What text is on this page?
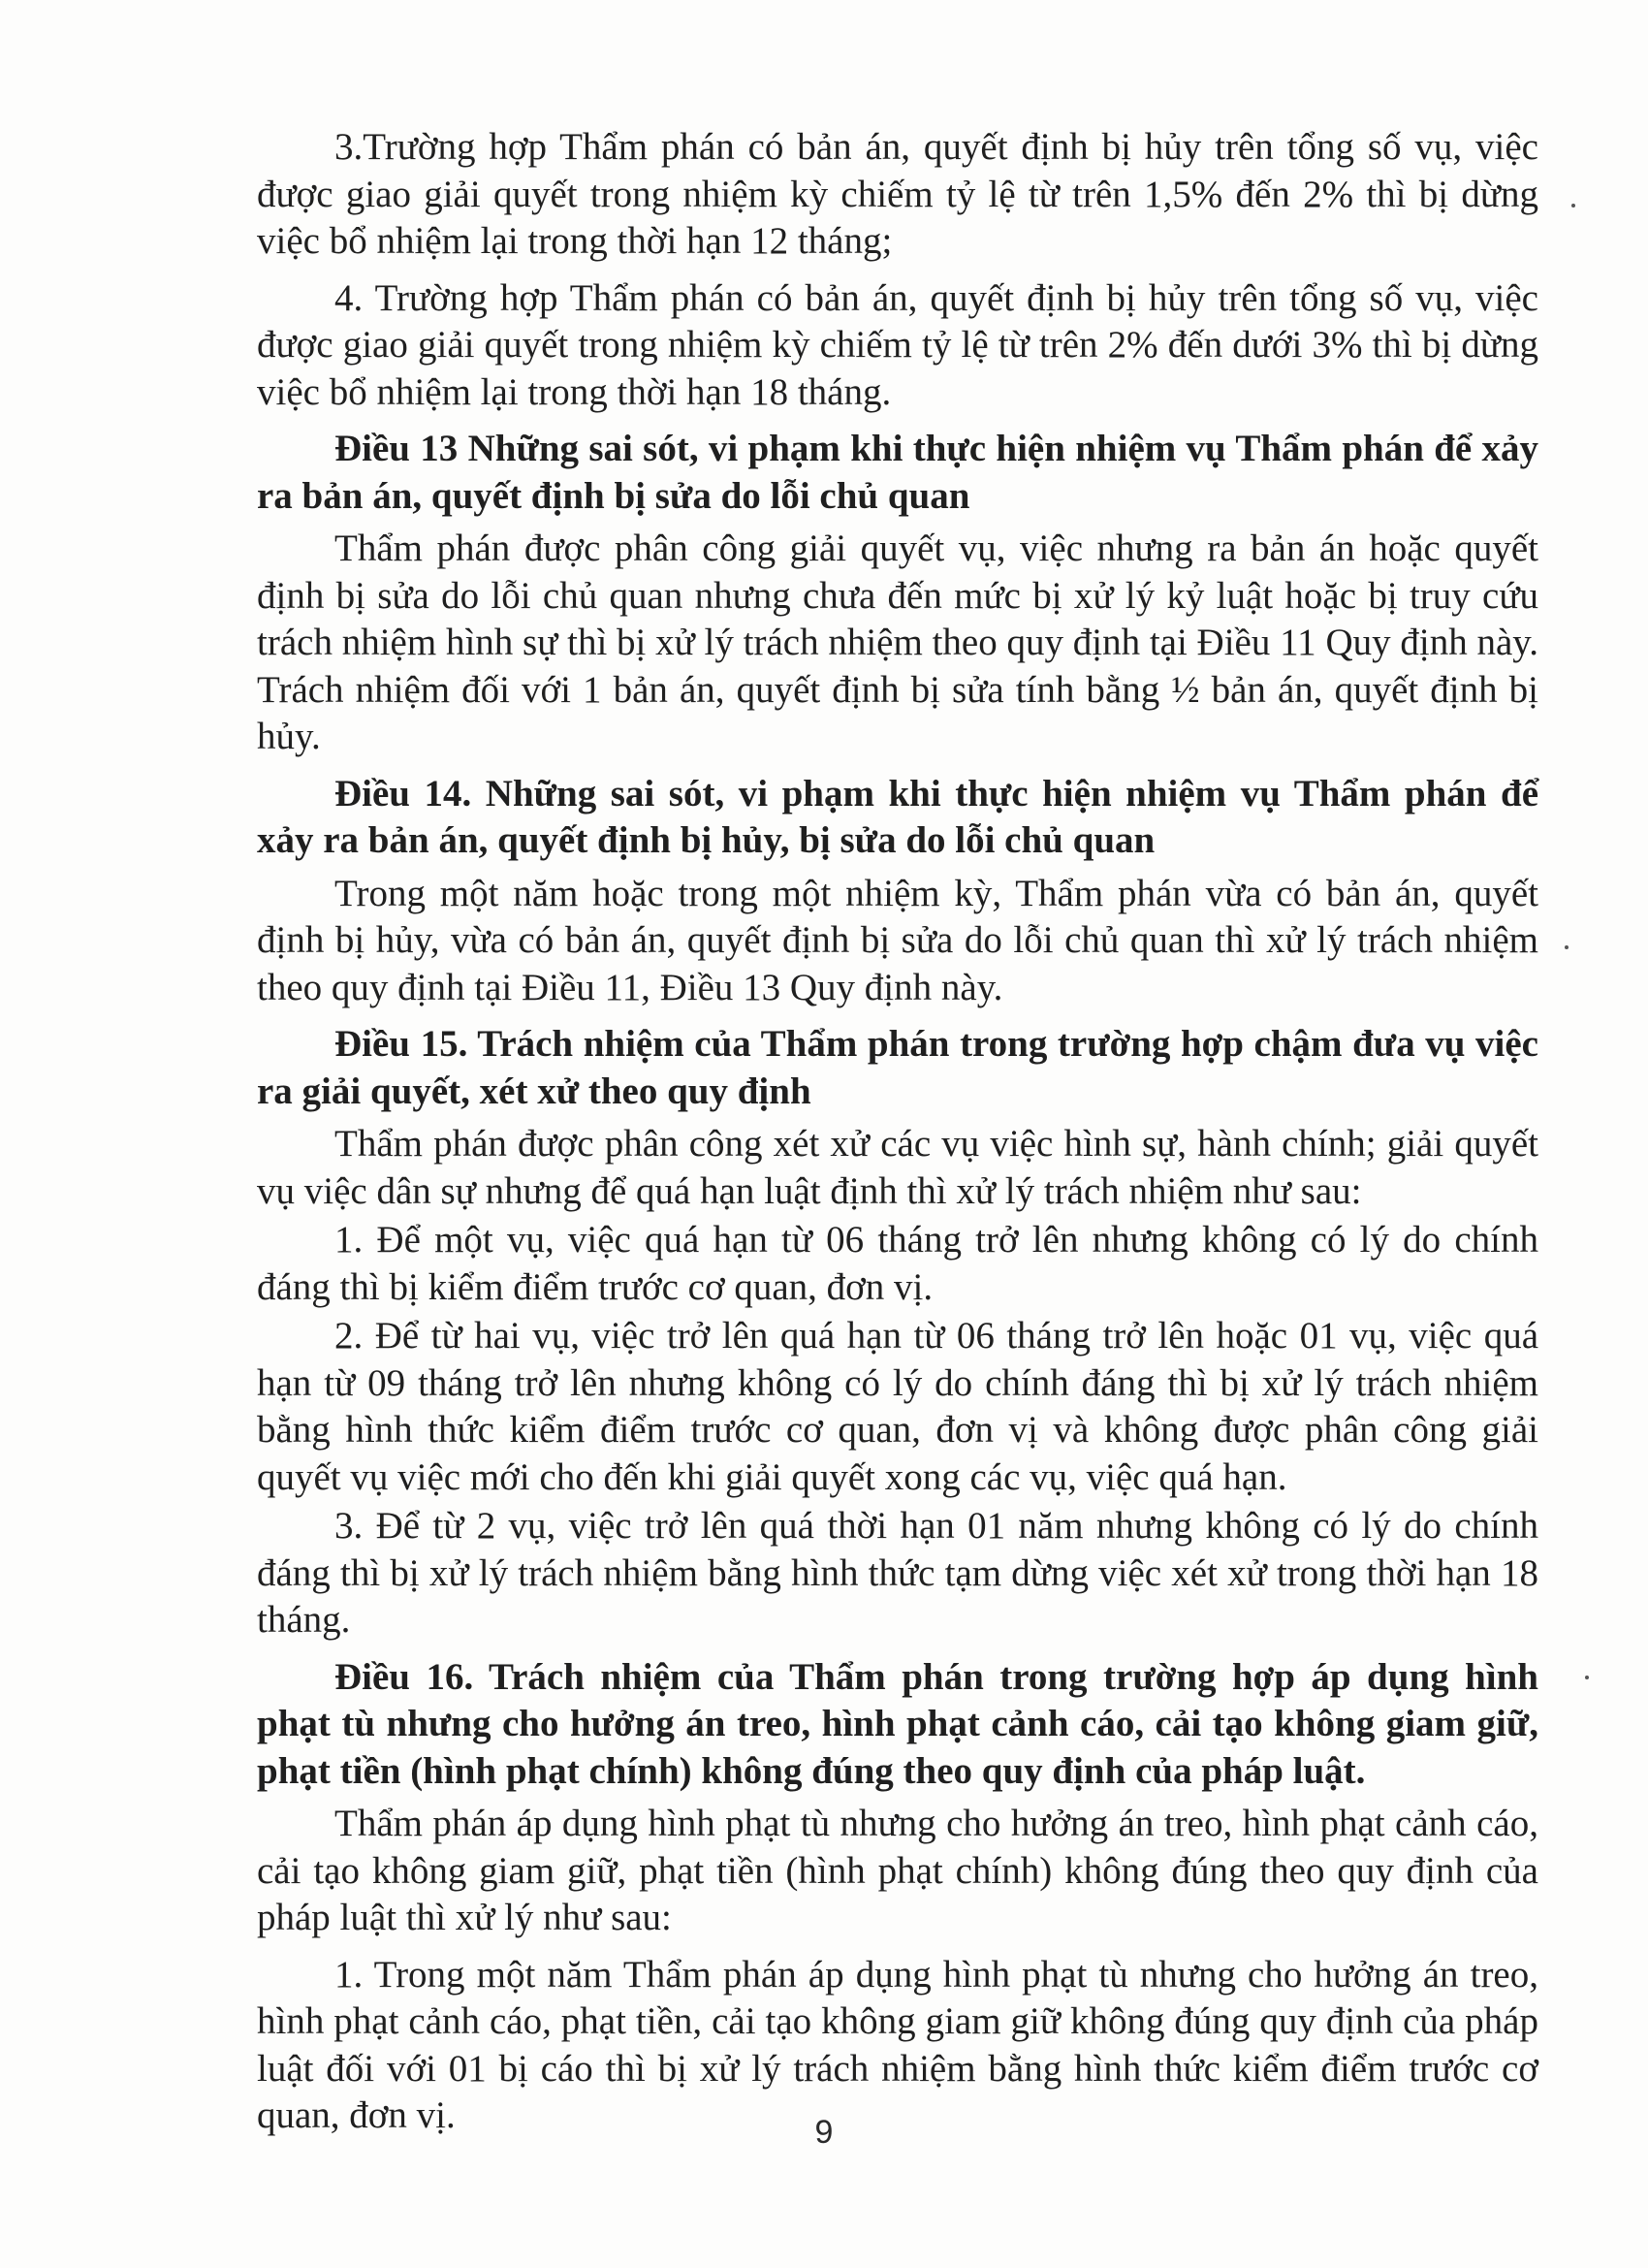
3.Trường hợp Thẩm phán có bản án, quyết định bị hủy trên tổng số vụ, việc được giao giải quyết trong nhiệm kỳ chiếm tỷ lệ từ trên 1,5% đến 2% thì bị dừng việc bổ nhiệm lại trong thời hạn 12 tháng;

4. Trường hợp Thẩm phán có bản án, quyết định bị hủy trên tổng số vụ, việc được giao giải quyết trong nhiệm kỳ chiếm tỷ lệ từ trên 2% đến dưới 3% thì bị dừng việc bổ nhiệm lại trong thời hạn 18 tháng.

Điều 13 Những sai sót, vi phạm khi thực hiện nhiệm vụ Thẩm phán để xảy ra bản án, quyết định bị sửa do lỗi chủ quan

Thẩm phán được phân công giải quyết vụ, việc nhưng ra bản án hoặc quyết định bị sửa do lỗi chủ quan nhưng chưa đến mức bị xử lý kỷ luật hoặc bị truy cứu trách nhiệm hình sự thì bị xử lý trách nhiệm theo quy định tại Điều 11 Quy định này. Trách nhiệm đối với 1 bản án, quyết định bị sửa tính bằng ½ bản án, quyết định bị hủy.

Điều 14. Những sai sót, vi phạm khi thực hiện nhiệm vụ Thẩm phán để xảy ra bản án, quyết định bị hủy, bị sửa do lỗi chủ quan

Trong một năm hoặc trong một nhiệm kỳ, Thẩm phán vừa có bản án, quyết định bị hủy, vừa có bản án, quyết định bị sửa do lỗi chủ quan thì xử lý trách nhiệm theo quy định tại Điều 11, Điều 13 Quy định này.

Điều 15. Trách nhiệm của Thẩm phán trong trường hợp chậm đưa vụ việc ra giải quyết, xét xử theo quy định

Thẩm phán được phân công xét xử các vụ việc hình sự, hành chính; giải quyết vụ việc dân sự nhưng để quá hạn luật định thì xử lý trách nhiệm như sau:

1. Để một vụ, việc quá hạn từ 06 tháng trở lên nhưng không có lý do chính đáng thì bị kiểm điểm trước cơ quan, đơn vị.

2. Để từ hai vụ, việc trở lên quá hạn từ 06 tháng trở lên hoặc 01 vụ, việc quá hạn từ 09 tháng trở lên nhưng không có lý do chính đáng thì bị xử lý trách nhiệm bằng hình thức kiểm điểm trước cơ quan, đơn vị và không được phân công giải quyết vụ việc mới cho đến khi giải quyết xong các vụ, việc quá hạn.

3. Để từ 2 vụ, việc trở lên quá thời hạn 01 năm nhưng không có lý do chính đáng thì bị xử lý trách nhiệm bằng hình thức tạm dừng việc xét xử trong thời hạn 18 tháng.

Điều 16. Trách nhiệm của Thẩm phán trong trường hợp áp dụng hình phạt tù nhưng cho hưởng án treo, hình phạt cảnh cáo, cải tạo không giam giữ, phạt tiền (hình phạt chính) không đúng theo quy định của pháp luật.

Thẩm phán áp dụng hình phạt tù nhưng cho hưởng án treo, hình phạt cảnh cáo, cải tạo không giam giữ, phạt tiền (hình phạt chính) không đúng theo quy định của pháp luật thì xử lý như sau:

1. Trong một năm Thẩm phán áp dụng hình phạt tù nhưng cho hưởng án treo, hình phạt cảnh cáo, phạt tiền, cải tạo không giam giữ không đúng quy định của pháp luật đối với 01 bị cáo thì bị xử lý trách nhiệm bằng hình thức kiểm điểm trước cơ quan, đơn vị.	9
